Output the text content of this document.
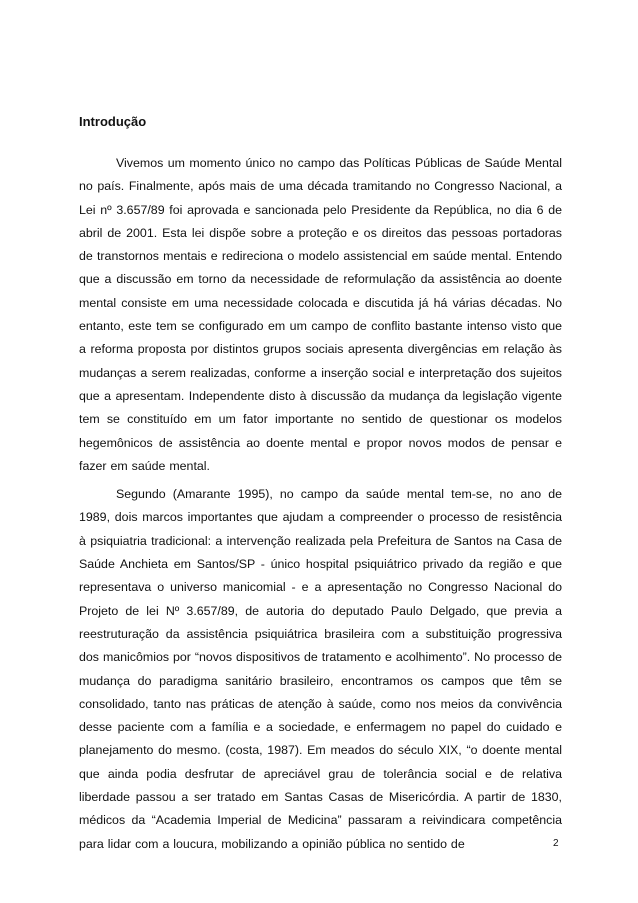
Introdução

Vivemos um momento único no campo das Políticas Públicas de Saúde Mental no país. Finalmente, após mais de uma década tramitando no Congresso Nacional, a Lei nº 3.657/89 foi aprovada e sancionada pelo Presidente da República, no dia 6 de abril de 2001. Esta lei dispõe sobre a proteção e os direitos das pessoas portadoras de transtornos mentais e redireciona o modelo assistencial em saúde mental. Entendo que a discussão em torno da necessidade de reformulação da assistência ao doente mental consiste em uma necessidade colocada e discutida já há várias décadas. No entanto, este tem se configurado em um campo de conflito bastante intenso visto que a reforma proposta por distintos grupos sociais apresenta divergências em relação às mudanças a serem realizadas, conforme a inserção social e interpretação dos sujeitos que a apresentam. Independente disto à discussão da mudança da legislação vigente tem se constituído em um fator importante no sentido de questionar os modelos hegemônicos de assistência ao doente mental e propor novos modos de pensar e fazer em saúde mental.

Segundo (Amarante 1995), no campo da saúde mental tem-se, no ano de 1989, dois marcos importantes que ajudam a compreender o processo de resistência à psiquiatria tradicional: a intervenção realizada pela Prefeitura de Santos na Casa de Saúde Anchieta em Santos/SP - único hospital psiquiátrico privado da região e que representava o universo manicomial - e a apresentação no Congresso Nacional do Projeto de lei Nº 3.657/89, de autoria do deputado Paulo Delgado, que previa a reestruturação da assistência psiquiátrica brasileira com a substituição progressiva dos manicômios por “novos dispositivos de tratamento e acolhimento”. No processo de mudança do paradigma sanitário brasileiro, encontramos os campos que têm se consolidado, tanto nas práticas de atenção à saúde, como nos meios da convivência desse paciente com a família e a sociedade, e enfermagem no papel do cuidado e planejamento do mesmo. (costa, 1987). Em meados do século XIX, “o doente mental que ainda podia desfrutar de apreciável grau de tolerância social e de relativa liberdade passou a ser tratado em Santas Casas de Misericórdia. A partir de 1830, médicos da “Academia Imperial de Medicina” passaram a reivindicara competência para lidar com a loucura, mobilizando a opinião pública no sentido de	2
